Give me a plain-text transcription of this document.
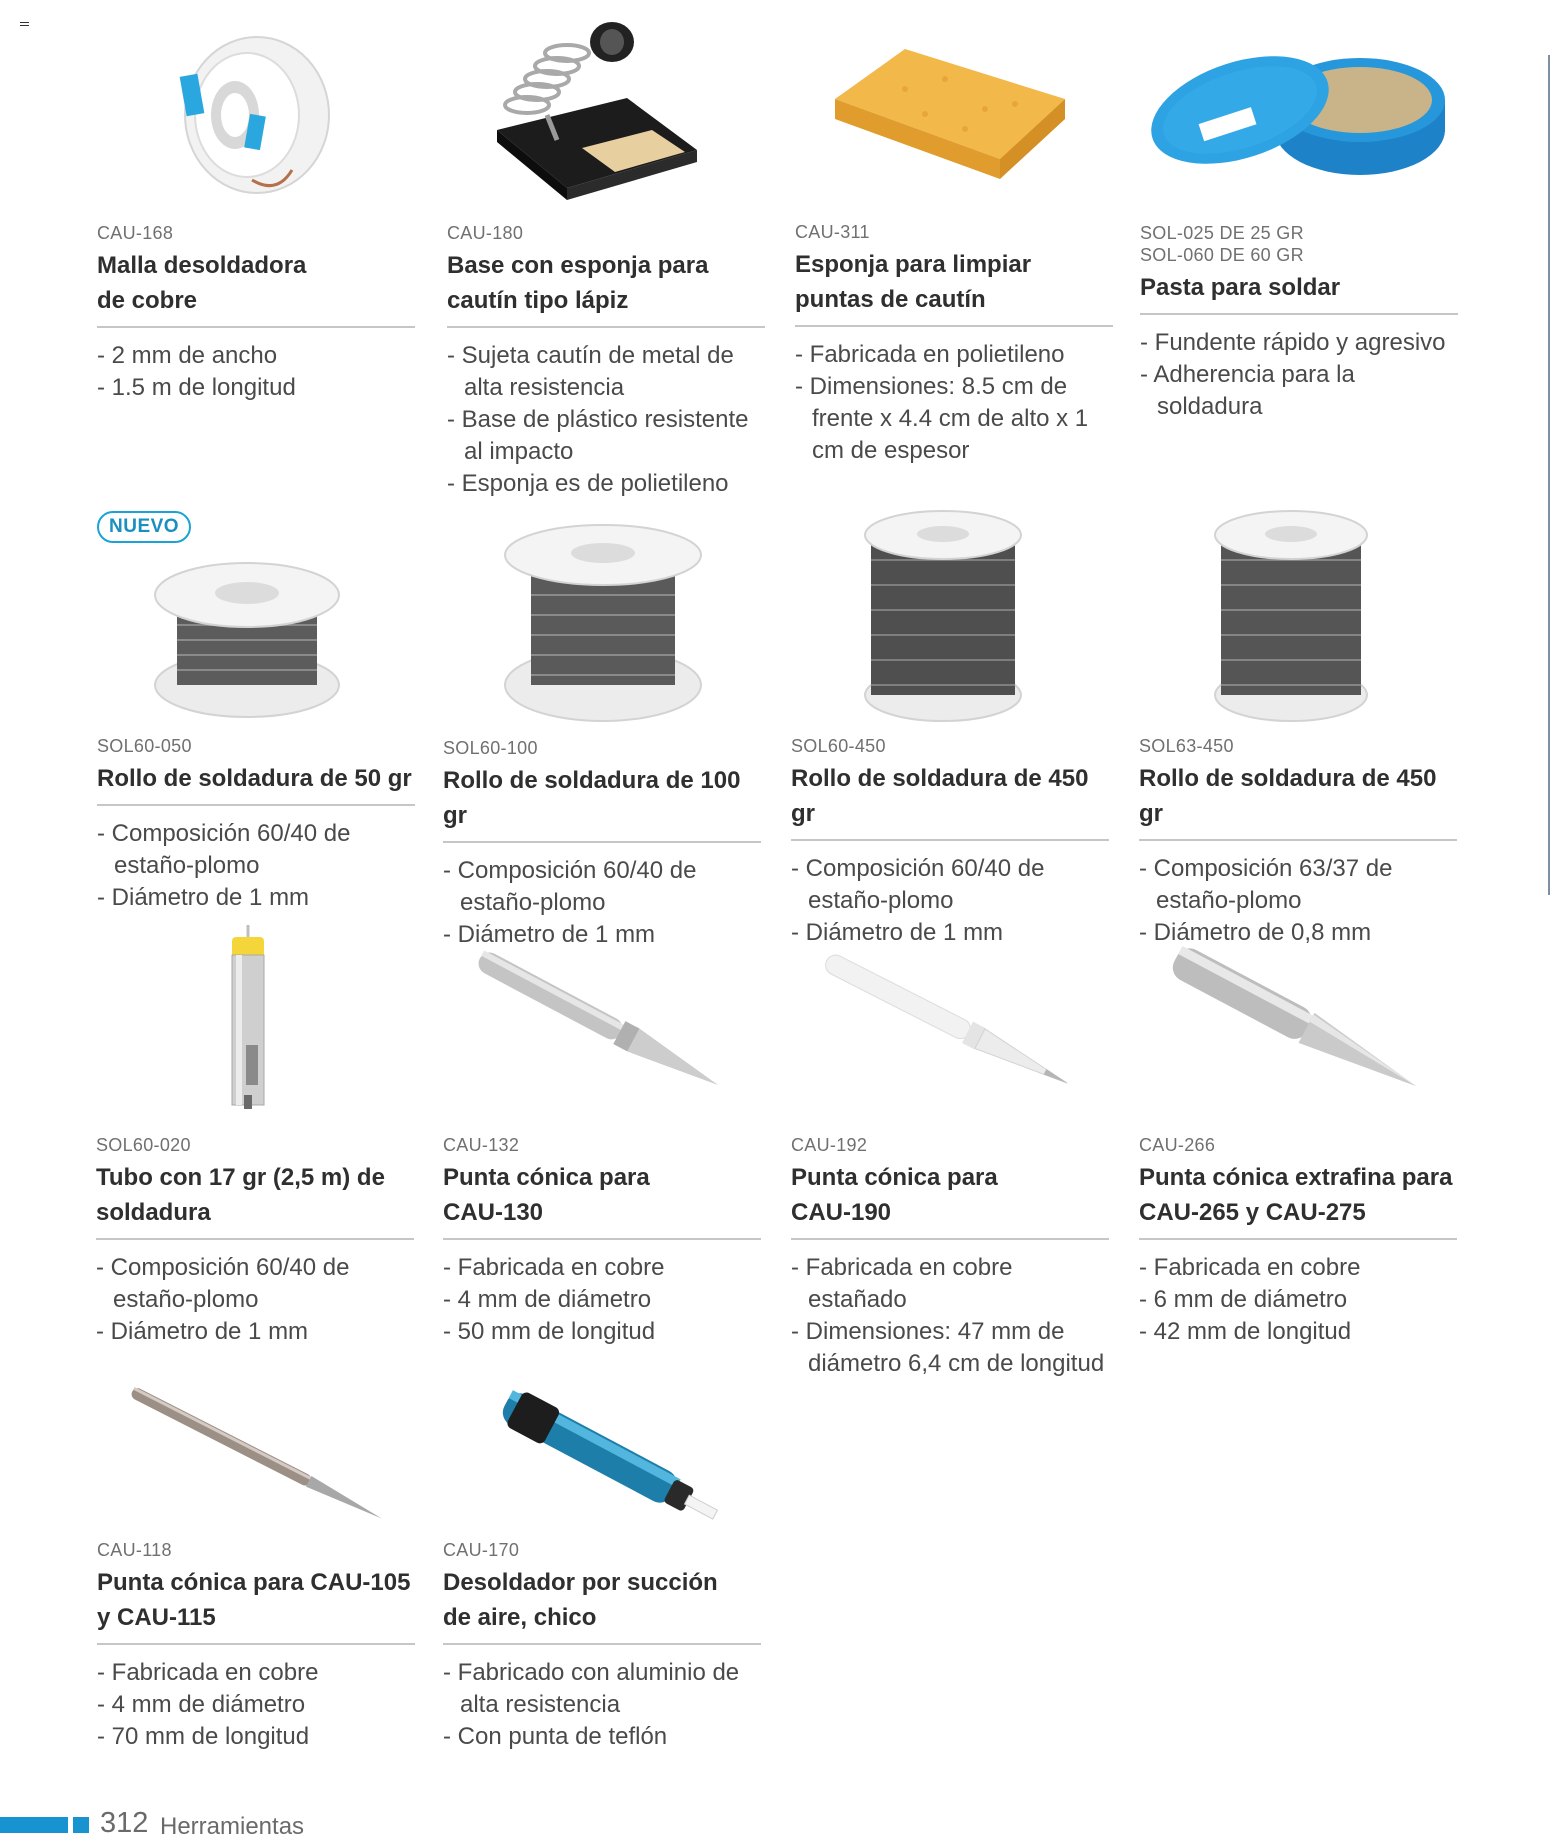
CAU-168
Malla desoldadora
de cobre
- 2 mm de ancho
- 1.5 m de longitud
CAU-180
Base con esponja para
cautín tipo lápiz
- Sujeta cautín de metal de alta resistencia
- Base de plástico resistente al impacto
- Esponja es de polietileno
CAU-311
Esponja para limpiar
puntas de cautín
- Fabricada en polietileno
- Dimensiones: 8.5 cm de frente x 4.4 cm de alto x 1 cm de espesor
SOL-025 DE 25 GR
SOL-060 DE 60 GR
Pasta para soldar
- Fundente rápido y agresivo
- Adherencia para la soldadura
NUEVO
SOL60-050
Rollo de soldadura de 50 gr
- Composición 60/40 de estaño-plomo
- Diámetro de 1 mm
SOL60-100
Rollo de soldadura de 100 gr
- Composición 60/40 de estaño-plomo
- Diámetro de 1 mm
SOL60-450
Rollo de soldadura de 450 gr
- Composición 60/40 de estaño-plomo
- Diámetro de 1 mm
SOL63-450
Rollo de soldadura de 450 gr
- Composición 63/37 de estaño-plomo
- Diámetro de 0,8 mm
SOL60-020
Tubo con 17 gr (2,5 m) de
soldadura
- Composición 60/40 de estaño-plomo
- Diámetro de 1 mm
CAU-132
Punta cónica para
CAU-130
- Fabricada en cobre
- 4 mm de diámetro
- 50 mm de longitud
CAU-192
Punta cónica para
CAU-190
- Fabricada en cobre estañado
- Dimensiones: 47 mm de diámetro 6,4 cm de longitud
CAU-266
Punta cónica extrafina para
CAU-265 y CAU-275
- Fabricada en cobre
- 6 mm de diámetro
- 42 mm de longitud
CAU-118
Punta cónica para CAU-105
y CAU-115
- Fabricada en cobre
- 4 mm de diámetro
- 70 mm de longitud
CAU-170
Desoldador por succión
de aire, chico
- Fabricado con aluminio de alta resistencia
- Con punta de teflón
312 Herramientas
